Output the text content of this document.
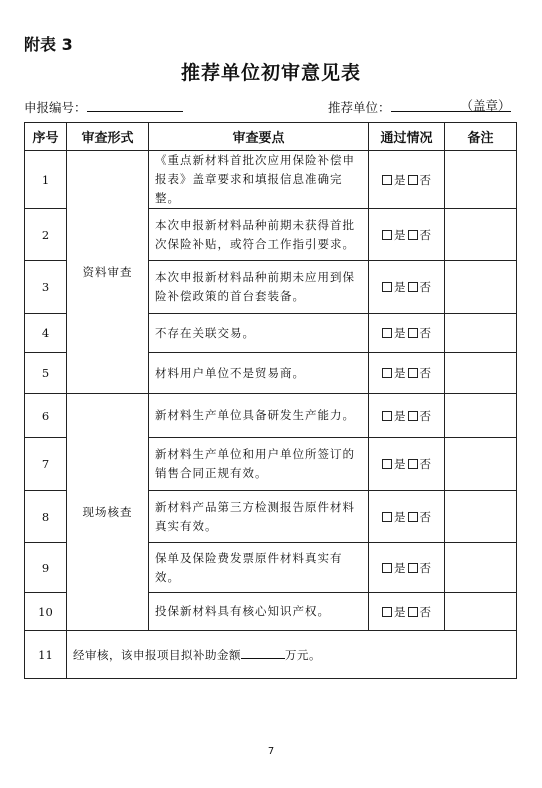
附表 3
推荐单位初审意见表
申报编号：	推荐单位：	（盖章）
序号	审查形式	审查要点	通过情况	备注
1	资料审查	《重点新材料首批次应用保险补偿申报表》盖章要求和填报信息准确完整。	是 否	
2		本次申报新材料品种前期未获得首批次保险补贴，或符合工作指引要求。	是 否	
3		本次申报新材料品种前期未应用到保险补偿政策的首台套装备。	是 否	
4		不存在关联交易。	是 否	
5		材料用户单位不是贸易商。	是 否	
6	现场核查	新材料生产单位具备研发生产能力。	是 否	
7		新材料生产单位和用户单位所签订的销售合同正规有效。	是 否	
8		新材料产品第三方检测报告原件材料真实有效。	是 否	
9		保单及保险费发票原件材料真实有效。	是 否	
10		投保新材料具有核心知识产权。	是 否	
11	经审核，该申报项目拟补助金额 万元。			
7
